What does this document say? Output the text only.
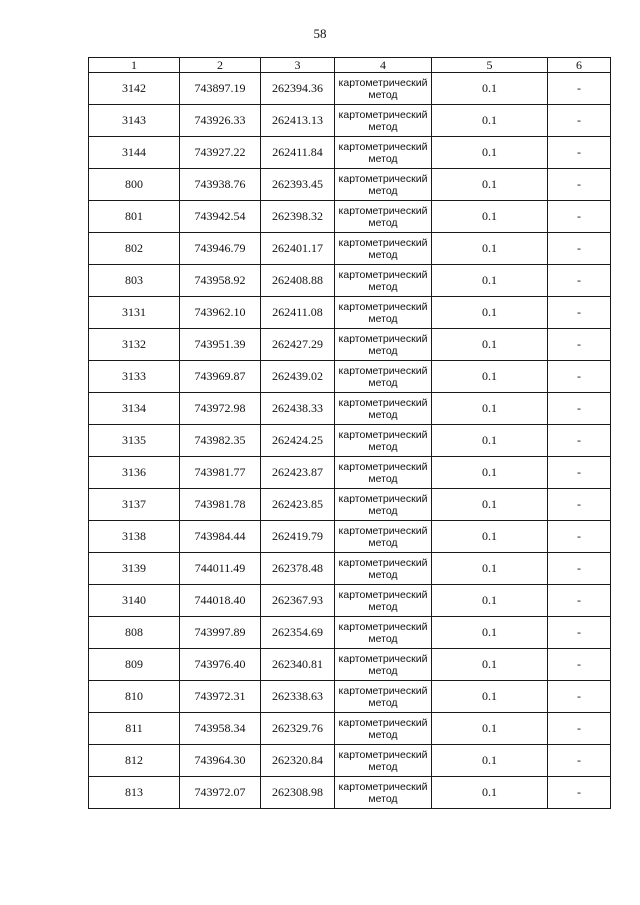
58
1	2	3	4	5	6
3142	743897.19	262394.36	картометрический метод	0.1	-
3143	743926.33	262413.13	картометрический метод	0.1	-
3144	743927.22	262411.84	картометрический метод	0.1	-
800	743938.76	262393.45	картометрический метод	0.1	-
801	743942.54	262398.32	картометрический метод	0.1	-
802	743946.79	262401.17	картометрический метод	0.1	-
803	743958.92	262408.88	картометрический метод	0.1	-
3131	743962.10	262411.08	картометрический метод	0.1	-
3132	743951.39	262427.29	картометрический метод	0.1	-
3133	743969.87	262439.02	картометрический метод	0.1	-
3134	743972.98	262438.33	картометрический метод	0.1	-
3135	743982.35	262424.25	картометрический метод	0.1	-
3136	743981.77	262423.87	картометрический метод	0.1	-
3137	743981.78	262423.85	картометрический метод	0.1	-
3138	743984.44	262419.79	картометрический метод	0.1	-
3139	744011.49	262378.48	картометрический метод	0.1	-
3140	744018.40	262367.93	картометрический метод	0.1	-
808	743997.89	262354.69	картометрический метод	0.1	-
809	743976.40	262340.81	картометрический метод	0.1	-
810	743972.31	262338.63	картометрический метод	0.1	-
811	743958.34	262329.76	картометрический метод	0.1	-
812	743964.30	262320.84	картометрический метод	0.1	-
813	743972.07	262308.98	картометрический метод	0.1	-
